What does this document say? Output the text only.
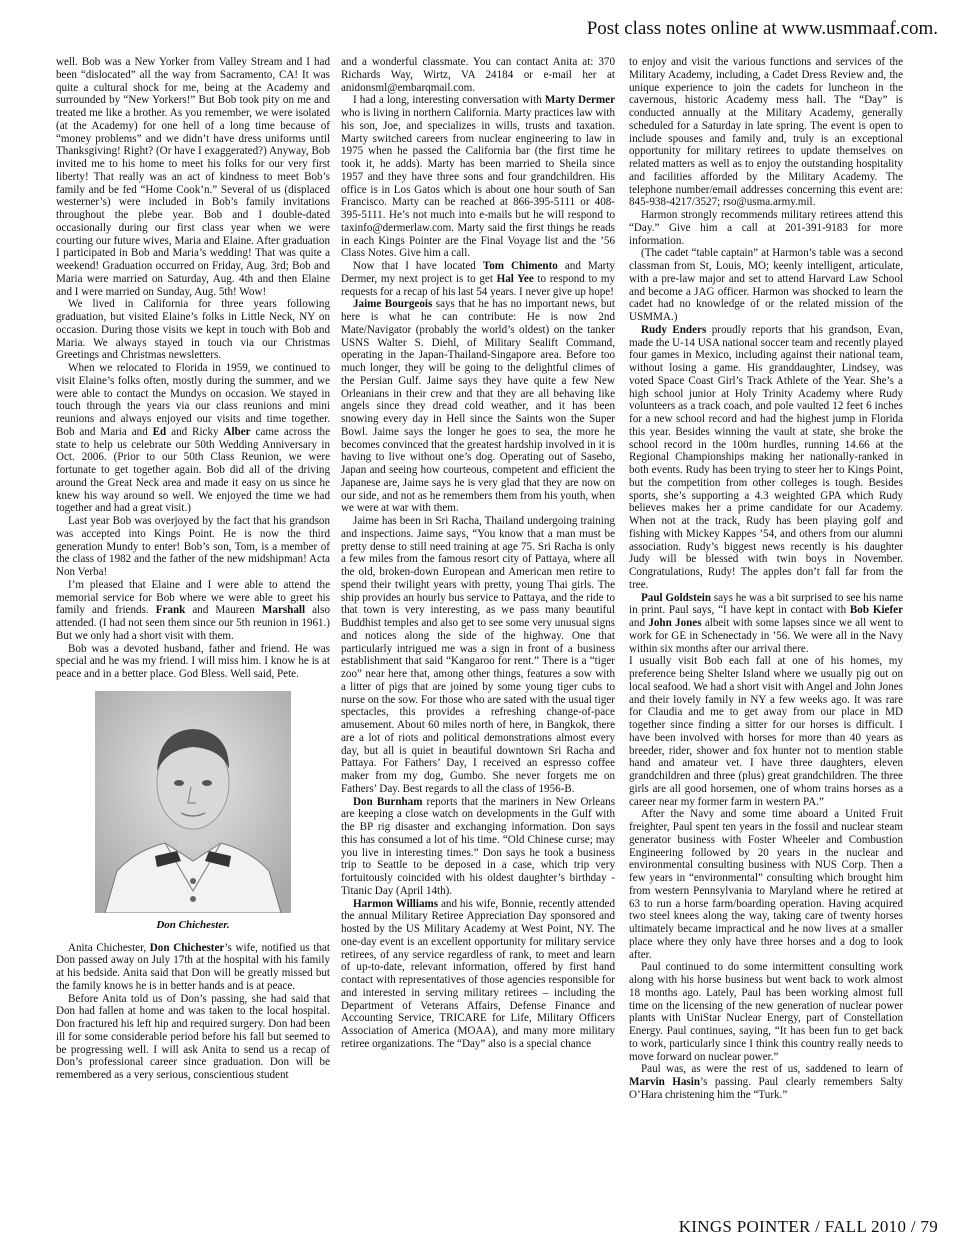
Post class notes online at www.usmmaaf.com.

well. Bob was a New Yorker from Valley Stream and I had been “dislocated” all the way from Sacramento, CA! It was quite a cultural shock for me, being at the Academy and surrounded by “New Yorkers!” But Bob took pity on me and treated me like a brother. As you remember, we were isolated (at the Academy) for one hell of a long time because of “money problems” and we didn’t have dress uniforms until Thanksgiving! Right? (Or have I exaggerated?) Anyway, Bob invited me to his home to meet his folks for our very first liberty! That really was an act of kindness to meet Bob’s family and be fed “Home Cook’n.” Several of us (displaced westerner’s) were included in Bob’s family invitations throughout the plebe year. Bob and I double-dated occasionally during our first class year when we were courting our future wives, Maria and Elaine. After graduation I participated in Bob and Maria’s wedding! That was quite a weekend! Graduation occurred on Friday, Aug. 3rd; Bob and Maria were married on Saturday, Aug. 4th and then Elaine and I were married on Sunday, Aug. 5th! Wow!

We lived in California for three years following graduation, but visited Elaine’s folks in Little Neck, NY on occasion. During those visits we kept in touch with Bob and Maria. We always stayed in touch via our Christmas Greetings and Christmas newsletters.

When we relocated to Florida in 1959, we continued to visit Elaine’s folks often, mostly during the summer, and we were able to contact the Mundys on occasion. We stayed in touch through the years via our class reunions and mini reunions and always enjoyed our visits and time together. Bob and Maria and Ed and Ricky Alber came across the state to help us celebrate our 50th Wedding Anniversary in Oct. 2006. (Prior to our 50th Class Reunion, we were fortunate to get together again. Bob did all of the driving around the Great Neck area and made it easy on us since he knew his way around so well. We enjoyed the time we had together and had a great visit.)

Last year Bob was overjoyed by the fact that his grandson was accepted into Kings Point. He is now the third generation Mundy to enter! Bob’s son, Tom, is a member of the class of 1982 and the father of the new midshipman! Acta Non Verba!

I’m pleased that Elaine and I were able to attend the memorial service for Bob where we were able to greet his family and friends. Frank and Maureen Marshall also attended. (I had not seen them since our 5th reunion in 1961.) But we only had a short visit with them.

Bob was a devoted husband, father and friend. He was special and he was my friend. I will miss him. I know he is at peace and in a better place. God Bless. Well said, Pete.

Don Chichester.

Anita Chichester, Don Chichester’s wife, notified us that Don passed away on July 17th at the hospital with his family at his bedside. Anita said that Don will be greatly missed but the family knows he is in better hands and is at peace.

Before Anita told us of Don’s passing, she had said that Don had fallen at home and was taken to the local hospital. Don fractured his left hip and required surgery. Don had been ill for some considerable period before his fall but seemed to be progressing well. I will ask Anita to send us a recap of Don’s professional career since graduation. Don will be remembered as a very serious, conscientious student

and a wonderful classmate. You can contact Anita at: 370 Richards Way, Wirtz, VA 24184 or e-mail her at anidonsml@embarqmail.com.

I had a long, interesting conversation with Marty Dermer who is living in northern California. Marty practices law with his son, Joe, and specializes in wills, trusts and taxation. Marty switched careers from nuclear engineering to law in 1975 when he passed the California bar (the first time he took it, he adds). Marty has been married to Sheila since 1957 and they have three sons and four grandchildren. His office is in Los Gatos which is about one hour south of San Francisco. Marty can be reached at 866-395-5111 or 408-395-5111. He’s not much into e-mails but he will respond to taxinfo@dermerlaw.com. Marty said the first things he reads in each Kings Pointer are the Final Voyage list and the ’56 Class Notes. Give him a call.

Now that I have located Tom Chimento and Marty Dermer, my next project is to get Hal Yee to respond to my requests for a recap of his last 54 years. I never give up hope!

Jaime Bourgeois says that he has no important news, but here is what he can contribute: He is now 2nd Mate/Navigator (probably the world’s oldest) on the tanker USNS Walter S. Diehl, of Military Sealift Command, operating in the Japan-Thailand-Singapore area. Before too much longer, they will be going to the delightful climes of the Persian Gulf. Jaime says they have quite a few New Orleanians in their crew and that they are all behaving like angels since they dread cold weather, and it has been snowing every day in Hell since the Saints won the Super Bowl. Jaime says the longer he goes to sea, the more he becomes convinced that the greatest hardship involved in it is having to live without one’s dog. Operating out of Sasebo, Japan and seeing how courteous, competent and efficient the Japanese are, Jaime says he is very glad that they are now on our side, and not as he remembers them from his youth, when we were at war with them.

Jaime has been in Sri Racha, Thailand undergoing training and inspections. Jaime says, “You know that a man must be pretty dense to still need training at age 75. Sri Racha is only a few miles from the famous resort city of Pattaya, where all the old, broken-down European and American men retire to spend their twilight years with pretty, young Thai girls. The ship provides an hourly bus service to Pattaya, and the ride to that town is very interesting, as we pass many beautiful Buddhist temples and also get to see some very unusual signs and notices along the side of the highway. One that particularly intrigued me was a sign in front of a business establishment that said “Kangaroo for rent.” There is a “tiger zoo” near here that, among other things, features a sow with a litter of pigs that are joined by some young tiger cubs to nurse on the sow. For those who are sated with the usual tiger spectacles, this provides a refreshing change-of-pace amusement. About 60 miles north of here, in Bangkok, there are a lot of riots and political demonstrations almost every day, but all is quiet in beautiful downtown Sri Racha and Pattaya. For Fathers’ Day, I received an espresso coffee maker from my dog, Gumbo. She never forgets me on Fathers’ Day. Best regards to all the class of 1956-B.

Don Burnham reports that the mariners in New Orleans are keeping a close watch on developments in the Gulf with the BP rig disaster and exchanging information. Don says this has consumed a lot of his time. “Old Chinese curse; may you live in interesting times.” Don says he took a business trip to Seattle to be deposed in a case, which trip very fortuitously coincided with his oldest daughter’s birthday - Titanic Day (April 14th).

Harmon Williams and his wife, Bonnie, recently attended the annual Military Retiree Appreciation Day sponsored and hosted by the US Military Academy at West Point, NY. The one-day event is an excellent opportunity for military service retirees, of any service regardless of rank, to meet and learn of up-to-date, relevant information, offered by first hand contact with representatives of those agencies responsible for and interested in serving military retirees – including the Department of Veterans Affairs, Defense Finance and Accounting Service, TRICARE for Life, Military Officers Association of America (MOAA), and many more military retiree organizations. The “Day” also is a special chance

to enjoy and visit the various functions and services of the Military Academy, including, a Cadet Dress Review and, the unique experience to join the cadets for luncheon in the cavernous, historic Academy mess hall. The “Day” is conducted annually at the Military Academy, generally scheduled for a Saturday in late spring. The event is open to include spouses and family and, truly is an exceptional opportunity for military retirees to update themselves on related matters as well as to enjoy the outstanding hospitality and facilities afforded by the Military Academy. The telephone number/email addresses concerning this event are: 845-938-4217/3527; rso@usma.army.mil.

Harmon strongly recommends military retirees attend this “Day.” Give him a call at 201-391-9183 for more information.

(The cadet “table captain” at Harmon’s table was a second classman from St, Louis, MO; keenly intelligent, articulate, with a pre-law major and set to attend Harvard Law School and become a JAG officer. Harmon was shocked to learn the cadet had no knowledge of or the related mission of the USMMA.)

Rudy Enders proudly reports that his grandson, Evan, made the U-14 USA national soccer team and recently played four games in Mexico, including against their national team, without losing a game. His granddaughter, Lindsey, was voted Space Coast Girl’s Track Athlete of the Year. She’s a high school junior at Holy Trinity Academy where Rudy volunteers as a track coach, and pole vaulted 12 feet 6 inches for a new school record and had the highest jump in Florida this year. Besides winning the vault at state, she broke the school record in the 100m hurdles, running 14.66 at the Regional Championships making her nationally-ranked in both events. Rudy has been trying to steer her to Kings Point, but the competition from other colleges is tough. Besides sports, she’s supporting a 4.3 weighted GPA which Rudy believes makes her a prime candidate for our Academy. When not at the track, Rudy has been playing golf and fishing with Mickey Kappes ’54, and others from our alumni association. Rudy’s biggest news recently is his daughter Judy will be blessed with twin boys in November. Congratulations, Rudy! The apples don’t fall far from the tree.

Paul Goldstein says he was a bit surprised to see his name in print. Paul says, “I have kept in contact with Bob Kiefer and John Jones albeit with some lapses since we all went to work for GE in Schenectady in ’56. We were all in the Navy within six months after our arrival there.

I usually visit Bob each fall at one of his homes, my preference being Shelter Island where we usually pig out on local seafood. We had a short visit with Angel and John Jones and their lovely family in NY a few weeks ago. It was rare for Claudia and me to get away from our place in MD together since finding a sitter for our horses is difficult. I have been involved with horses for more than 40 years as breeder, rider, shower and fox hunter not to mention stable hand and amateur vet. I have three daughters, eleven grandchildren and three (plus) great grandchildren. The three girls are all good horsemen, one of whom trains horses as a career near my former farm in western PA.”

After the Navy and some time aboard a United Fruit freighter, Paul spent ten years in the fossil and nuclear steam generator business with Foster Wheeler and Combustion Engineering followed by 20 years in the nuclear and environmental consulting business with NUS Corp. Then a few years in “environmental” consulting which brought him from western Pennsylvania to Maryland where he retired at 63 to run a horse farm/boarding operation. Having acquired two steel knees along the way, taking care of twenty horses ultimately became impractical and he now lives at a smaller place where they only have three horses and a dog to look after.

Paul continued to do some intermittent consulting work along with his horse business but went back to work almost 18 months ago. Lately, Paul has been working almost full time on the licensing of the new generation of nuclear power plants with UniStar Nuclear Energy, part of Constellation Energy. Paul continues, saying, “It has been fun to get back to work, particularly since I think this country really needs to move forward on nuclear power.”

Paul was, as were the rest of us, saddened to learn of Marvin Hasin’s passing. Paul clearly remembers Salty O’Hara christening him the “Turk.”

KINGS POINTER / FALL 2010 / 79
